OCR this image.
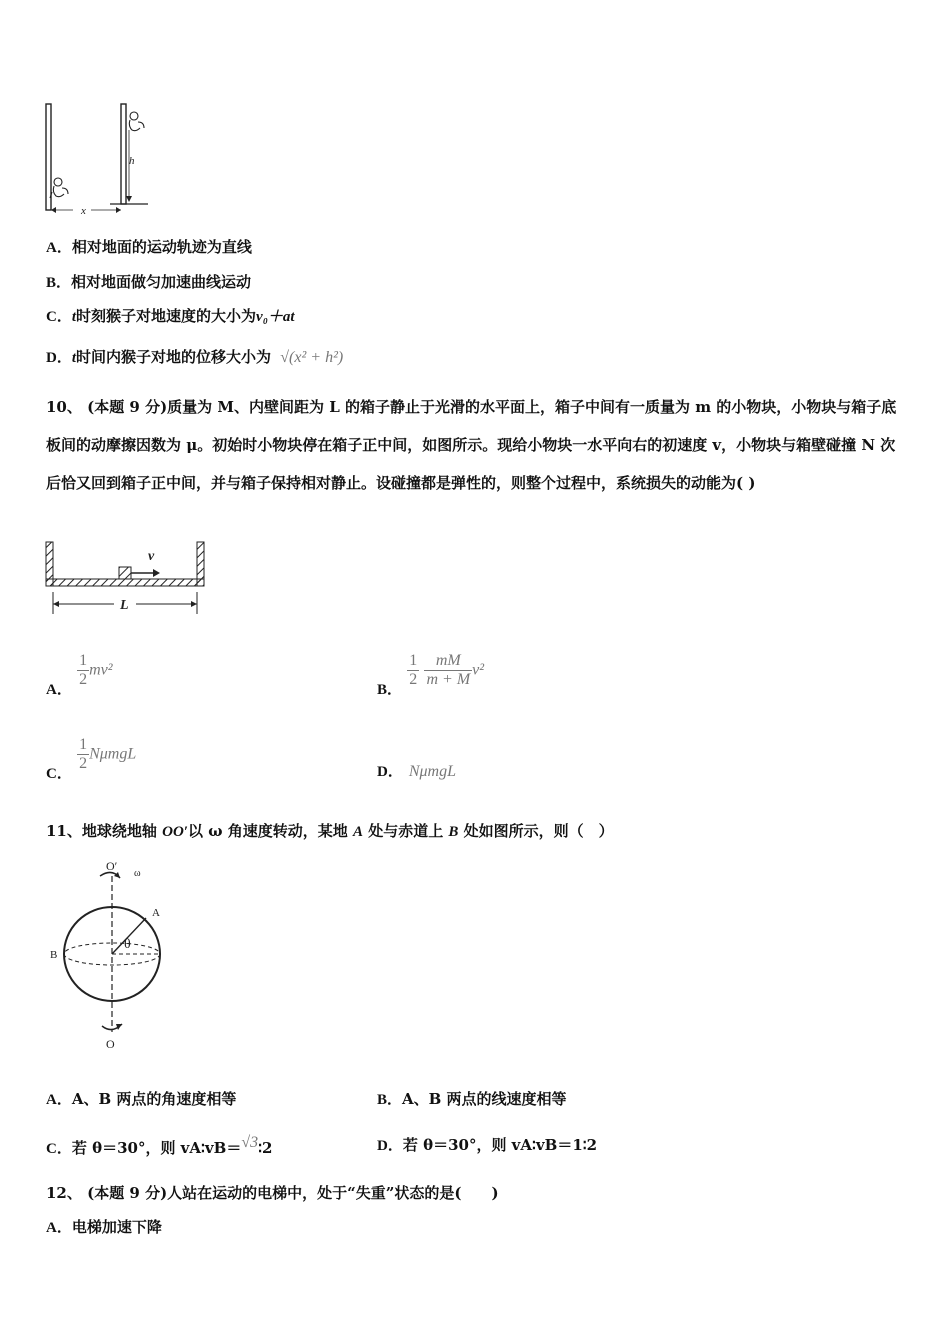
h
x
A．相对地面的运动轨迹为直线
B．相对地面做匀加速曲线运动
C．t时刻猴子对地速度的大小为v₀＋at
D．t时间内猴子对地的位移大小为 √(x² + h²)
10、 (本题 9 分)质量为 M、内壁间距为 L 的箱子静止于光滑的水平面上，箱子中间有一质量为 m 的小物块，小物块与箱子底板间的动摩擦因数为 μ。初始时小物块停在箱子正中间，如图所示。现给小物块一水平向右的初速度 v，小物块与箱壁碰撞 N 次后恰又回到箱子正中间，并与箱子保持相对静止。设碰撞都是弹性的，则整个过程中，系统损失的动能为( )
v
L
A．
$\frac{1}{2} mv^2$
B．
$\frac{1}{2}$
$\frac{mM}{m + M} v^2$
C．
$\frac{1}{2}$ NμmgL
D． NμmgL
11、地球绕地轴 OO′以 ω 角速度转动，某地 A 处与赤道上 B 处如图所示，则（　）
O′
ω
A
B
θ
O
A．A、B 两点的角速度相等	B．A、B 两点的线速度相等
C．若 θ＝30°，则 vA∶vB＝√3∶2	D．若 θ＝30°，则 vA∶vB＝1∶2
12、 (本题 9 分)人站在运动的电梯中，处于“失重”状态的是(　　)
A．电梯加速下降
